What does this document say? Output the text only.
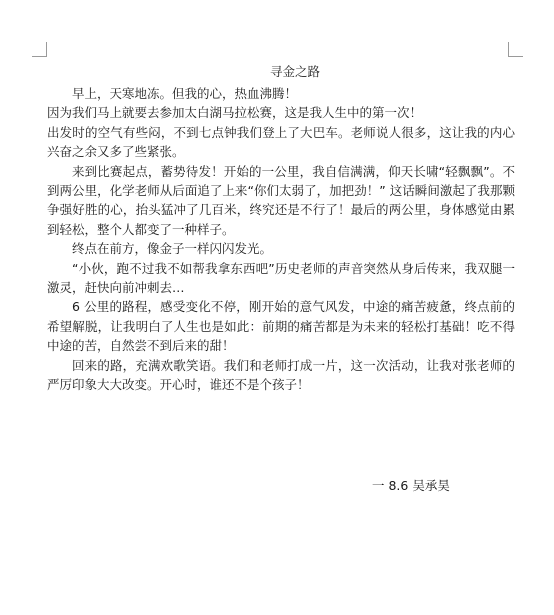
寻金之路

早上，天寒地冻。但我的心，热血沸腾！

因为我们马上就要去参加太白湖马拉松赛，这是我人生中的第一次！

出发时的空气有些闷，不到七点钟我们登上了大巴车。老师说人很多，这让我的内心兴奋之余又多了些紧张。

来到比赛起点，蓄势待发！开始的一公里，我自信满满，仰天长啸“轻飘飘”。不到两公里，化学老师从后面追了上来“你们太弱了，加把劲！” 这话瞬间激起了我那颗争强好胜的心，抬头猛冲了几百米，终究还是不行了！最后的两公里，身体感觉由累到轻松，整个人都变了一种样子。

终点在前方，像金子一样闪闪发光。

“小伙，跑不过我不如帮我拿东西吧”历史老师的声音突然从身后传来，我双腿一激灵，赶快向前冲刺去…

6 公里的路程，感受变化不停，刚开始的意气风发，中途的痛苦疲惫，终点前的希望解脱，让我明白了人生也是如此：前期的痛苦都是为未来的轻松打基础！吃不得中途的苦，自然尝不到后来的甜！

回来的路，充满欢歌笑语。我们和老师打成一片，这一次活动，让我对张老师的严厉印象大大改变。开心时，谁还不是个孩子！

一 8.6 吴承昊
